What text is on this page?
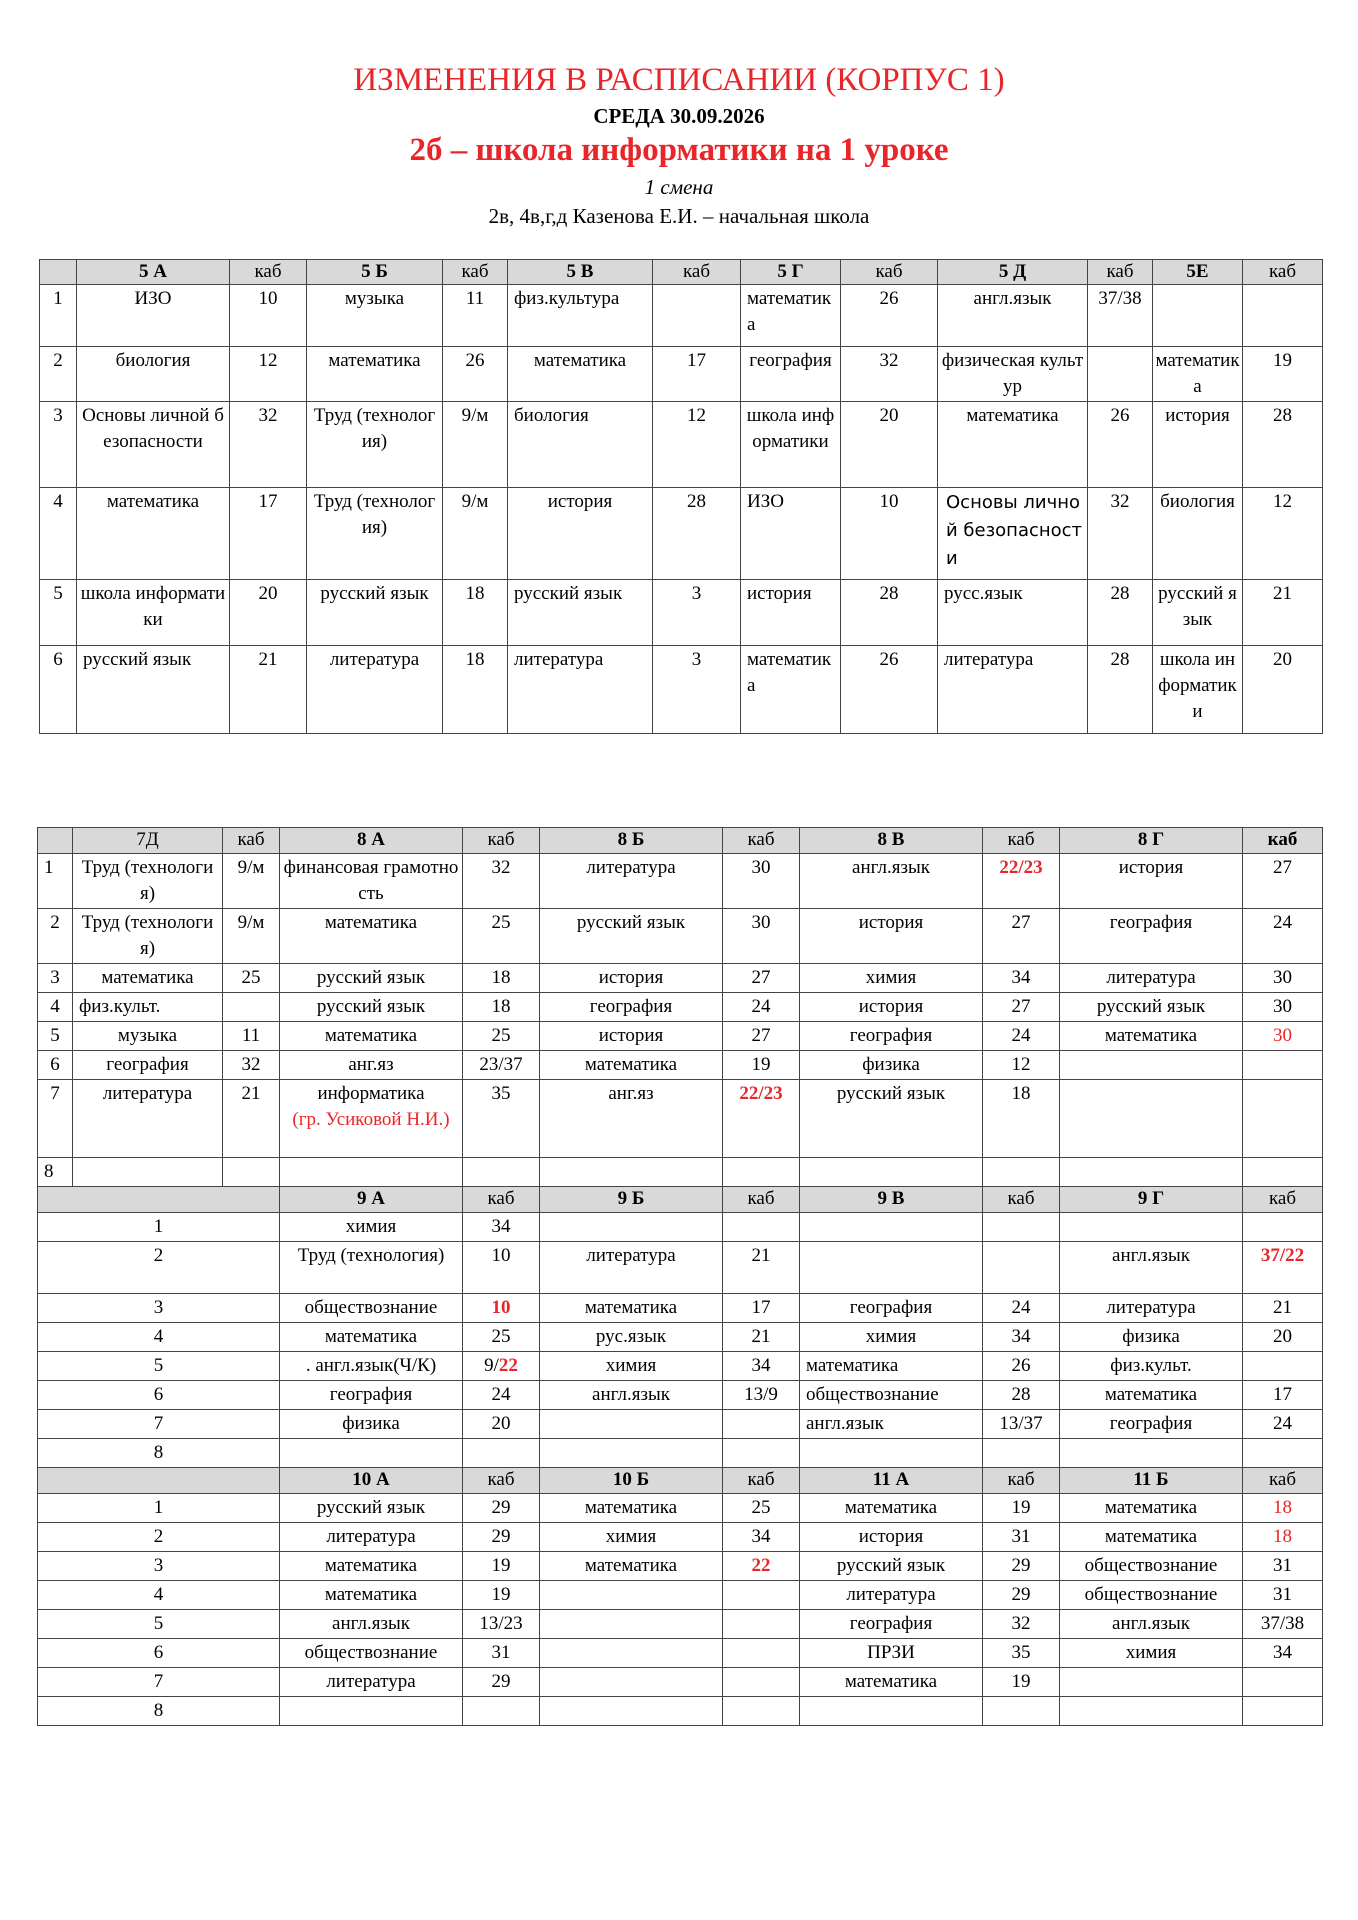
ИЗМЕНЕНИЯ В РАСПИСАНИИ (КОРПУС 1)
СРЕДА 30.09.2026
2б – школа информатики на 1 уроке
1 смена
2в, 4в,г,д Казенова Е.И. – начальная школа
	5 А	каб	5 Б	каб	5 В	каб	5 Г	каб	5 Д	каб	5Е	каб
1	ИЗО	10	музыка	11	физ.культура		математика	26	англ.язык	37/38		
2	биология	12	математика	26	математика	17	география	32	физическая культур		математика	19
3	Основы личной безопасности	32	Труд (технология)	9/м	биология	12	школа информатики	20	математика	26	история	28
4	математика	17	Труд (технология)	9/м	история	28	ИЗО	10	Основы личной безопасности	32	биология	12
5	школа информатики	20	русский язык	18	русский язык	3	история	28	русс.язык	28	русский язык	21
6	русский язык	21	литература	18	литература	3	математика	26	литература	28	школа информатики	20
	7Д	каб	8 А	каб	8 Б	каб	8 В	каб	8 Г	каб
1	Труд (технология)	9/м	финансовая грамотность	32	литература	30	англ.язык	22/23	история	27
2	Труд (технология)	9/м	математика	25	русский язык	30	история	27	география	24
3	математика	25	русский язык	18	история	27	химия	34	литература	30
4	физ.культ.		русский язык	18	география	24	история	27	русский язык	30
5	музыка	11	математика	25	история	27	география	24	математика	30
6	география	32	анг.яз	23/37	математика	19	физика	12		
7	литература	21	информатика
(гр. Усиковой Н.И.)	35	анг.яз	22/23	русский язык	18		
8										
			9 А	каб	9 Б	каб	9 В	каб	9 Г	каб
1			химия	34						
2			Труд (технология)	10	литература	21			англ.язык	37/22
3			обществознание	10	математика	17	география	24	литература	21
4			математика	25	рус.язык	21	химия	34	физика	20
5			. англ.язык(Ч/К)	9/22	химия	34	математика	26	физ.культ.	
6			география	24	англ.язык	13/9	обществознание	28	математика	17
7			физика	20			англ.язык	13/37	география	24
8										
			10 А	каб	10 Б	каб	11 А	каб	11 Б	каб
1			русский язык	29	математика	25	математика	19	математика	18
2			литература	29	химия	34	история	31	математика	18
3			математика	19	математика	22	русский язык	29	обществознание	31
4			математика	19			литература	29	обществознание	31
5			англ.язык	13/23			география	32	англ.язык	37/38
6			обществознание	31			ПРЗИ	35	химия	34
7			литература	29			математика	19		
8										
